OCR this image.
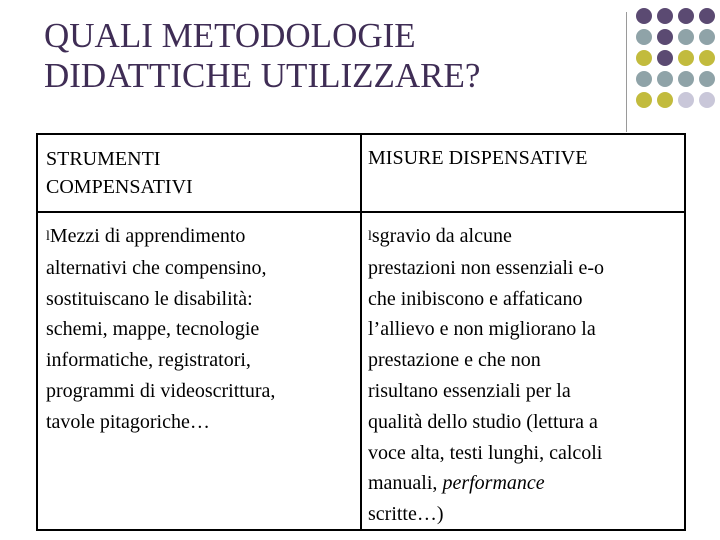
QUALI METODOLOGIE
DIDATTICHE UTILIZZARE?
STRUMENTI
COMPENSATIVI
MISURE DISPENSATIVE
lMezzi di apprendimento
alternativi che compensino,
sostituiscano le disabilità:
schemi, mappe, tecnologie
informatiche, registratori,
programmi di videoscrittura,
tavole pitagoriche…
lsgravio da alcune
prestazioni non essenziali e-o
che inibiscono e affaticano
l’allievo e non migliorano la
prestazione e che non
risultano essenziali per la
qualità dello studio (lettura a
voce alta, testi lunghi, calcoli
manuali, performance
scritte…)
